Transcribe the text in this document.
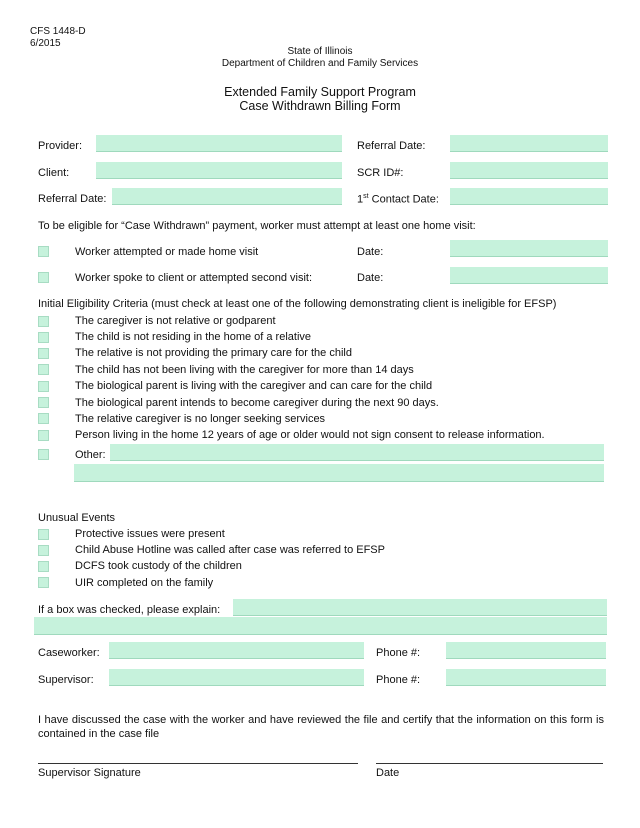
CFS 1448-D
6/2015
State of Illinois
Department of Children and Family Services
Extended Family Support Program
Case Withdrawn Billing Form
Provider:	Referral Date:
Client:	SCR ID#:
Referral Date:	1st Contact Date:
To be eligible for “Case Withdrawn” payment, worker must attempt at least one home visit:
Worker attempted or made home visit	Date:
Worker spoke to client or attempted second visit:	Date:
Initial Eligibility Criteria (must check at least one of the following demonstrating client is ineligible for EFSP)
The caregiver is not relative or godparent
The child is not residing in the home of a relative
The relative is not providing the primary care for the child
The child has not been living with the caregiver for more than 14 days
The biological parent is living with the caregiver and can care for the child
The biological parent intends to become caregiver during the next 90 days.
The relative caregiver is no longer seeking services
Person living in the home 12 years of age or older would not sign consent to release information.
Other:
Unusual Events
Protective issues were present
Child Abuse Hotline was called after case was referred to EFSP
DCFS took custody of the children
UIR completed on the family
If a box was checked, please explain:
Caseworker:	Phone #:
Supervisor:	Phone #:
I have discussed the case with the worker and have reviewed the file and certify that the information on this form is contained in the case file
Supervisor Signature	Date
